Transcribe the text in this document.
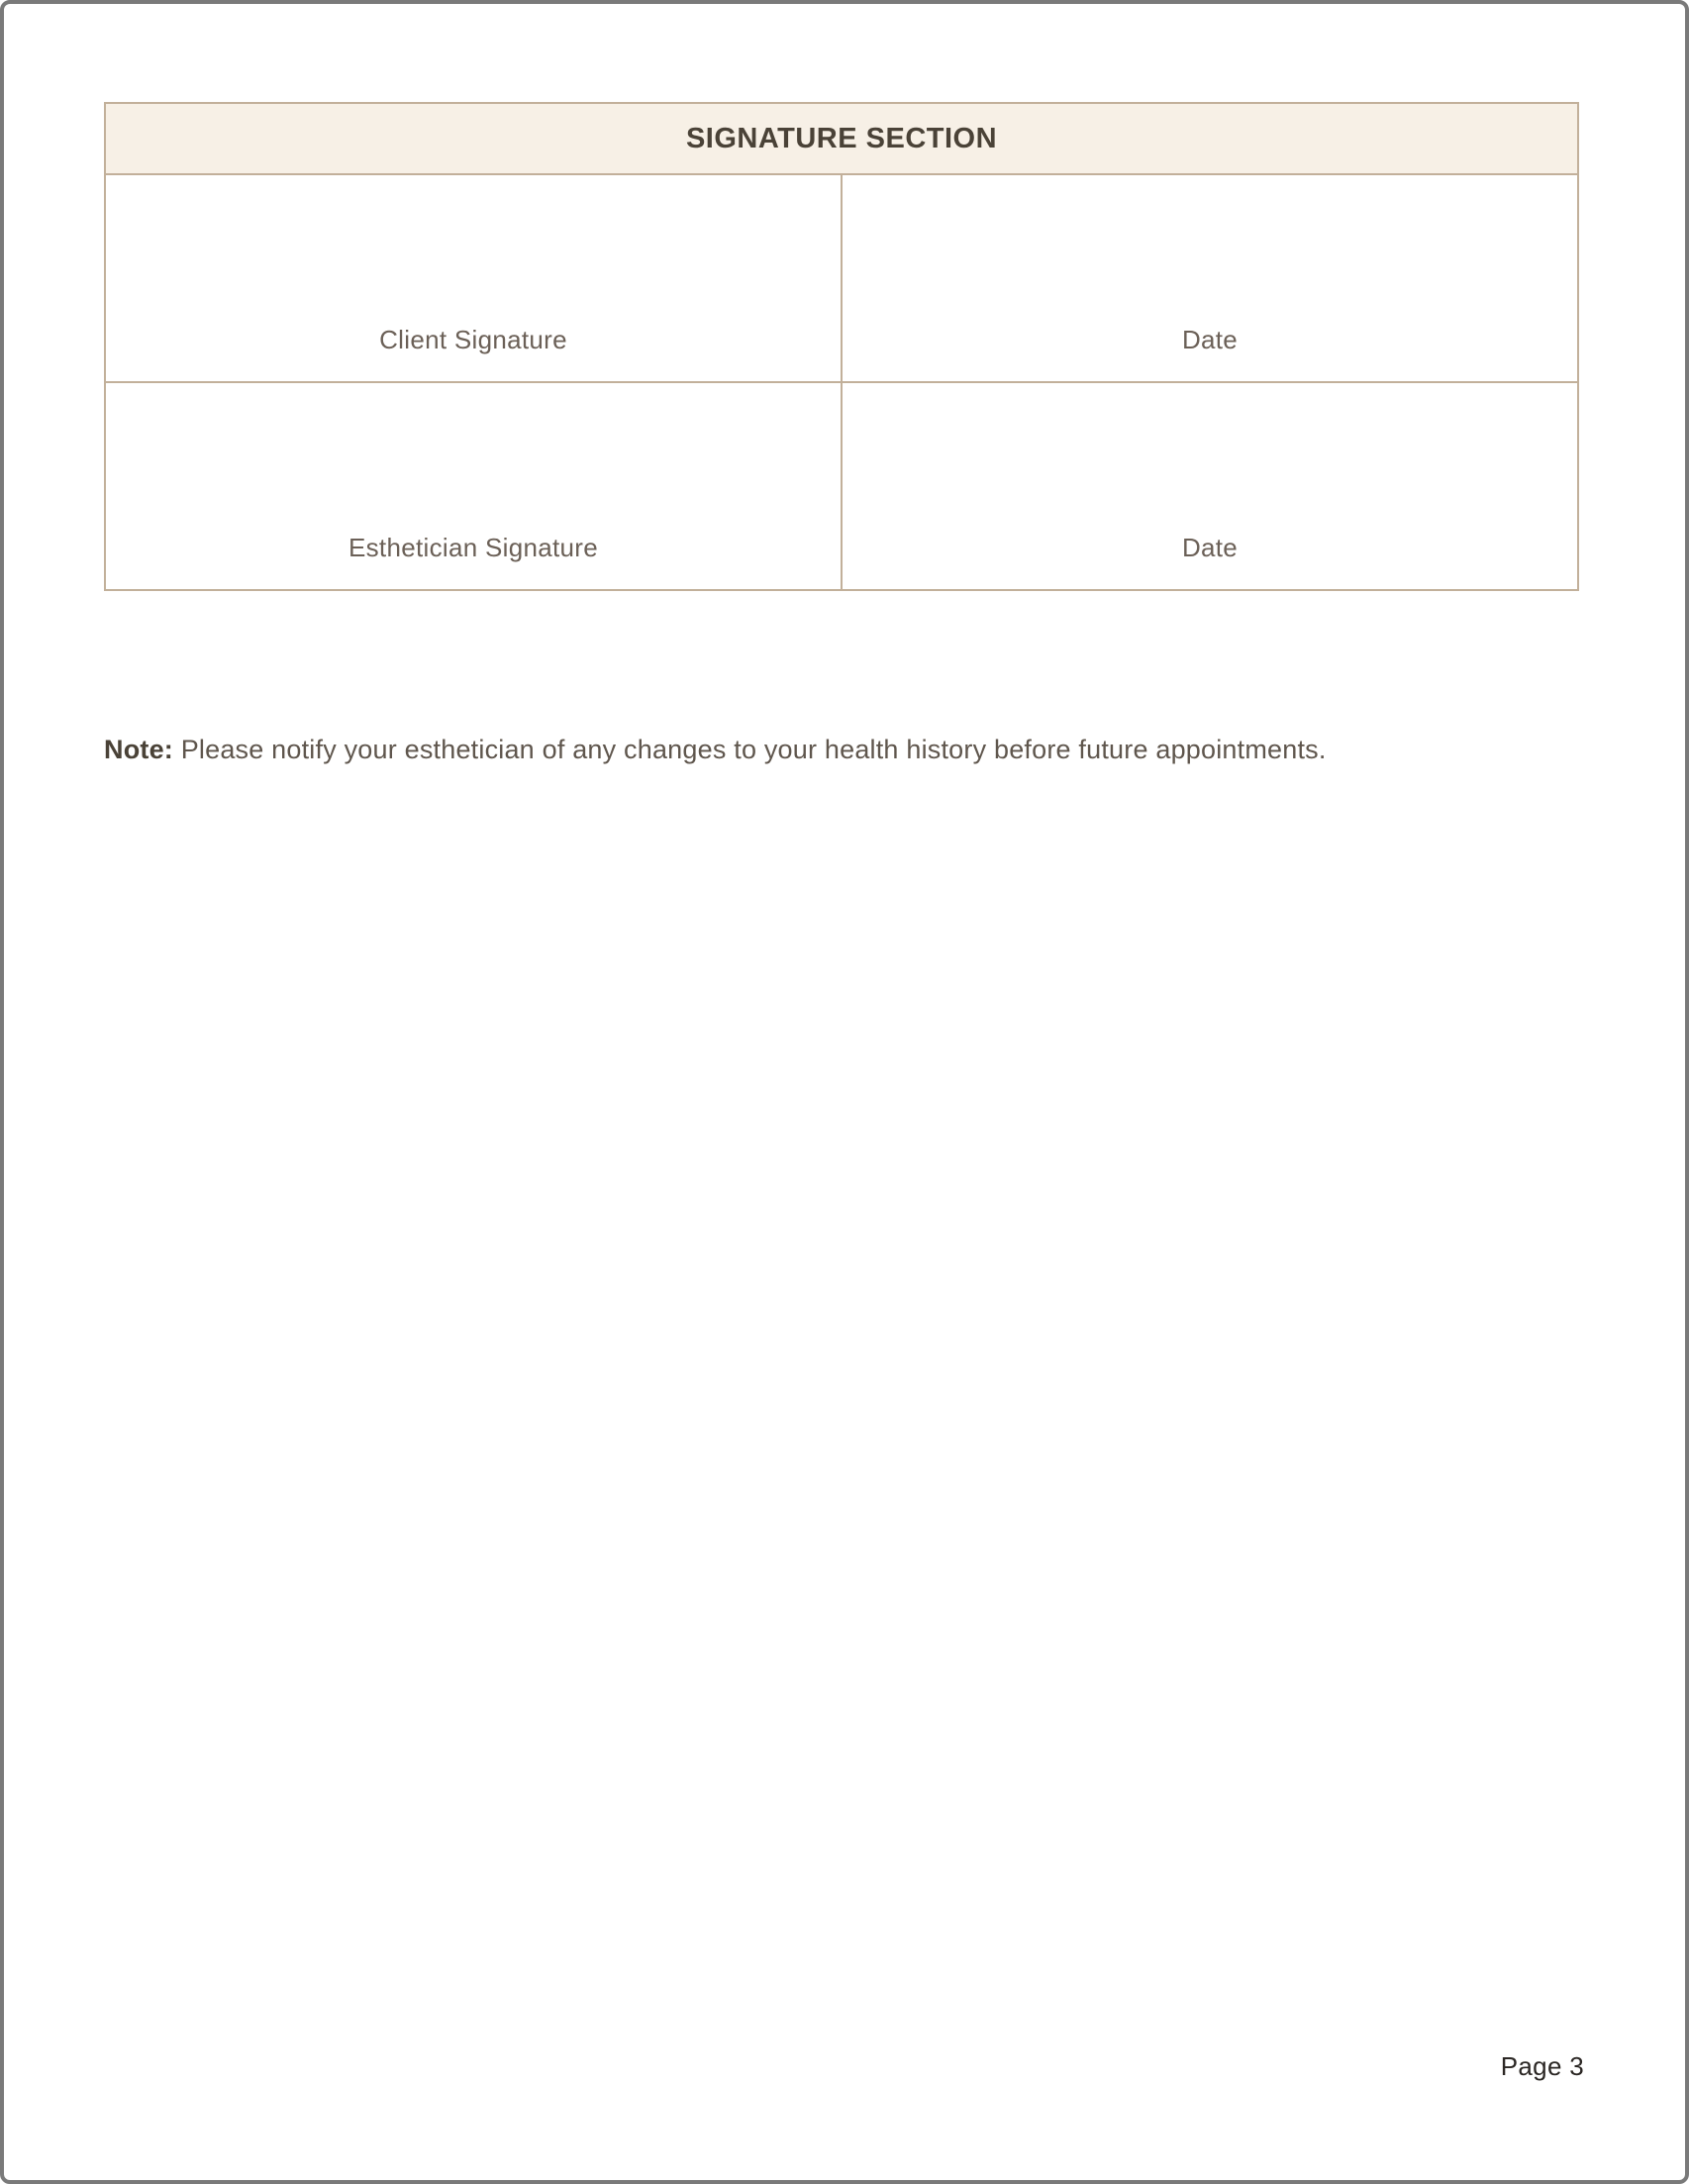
SIGNATURE SECTION	
Client Signature	Date
Esthetician Signature	Date

Note: Please notify your esthetician of any changes to your health history before future appointments.

Page 3
